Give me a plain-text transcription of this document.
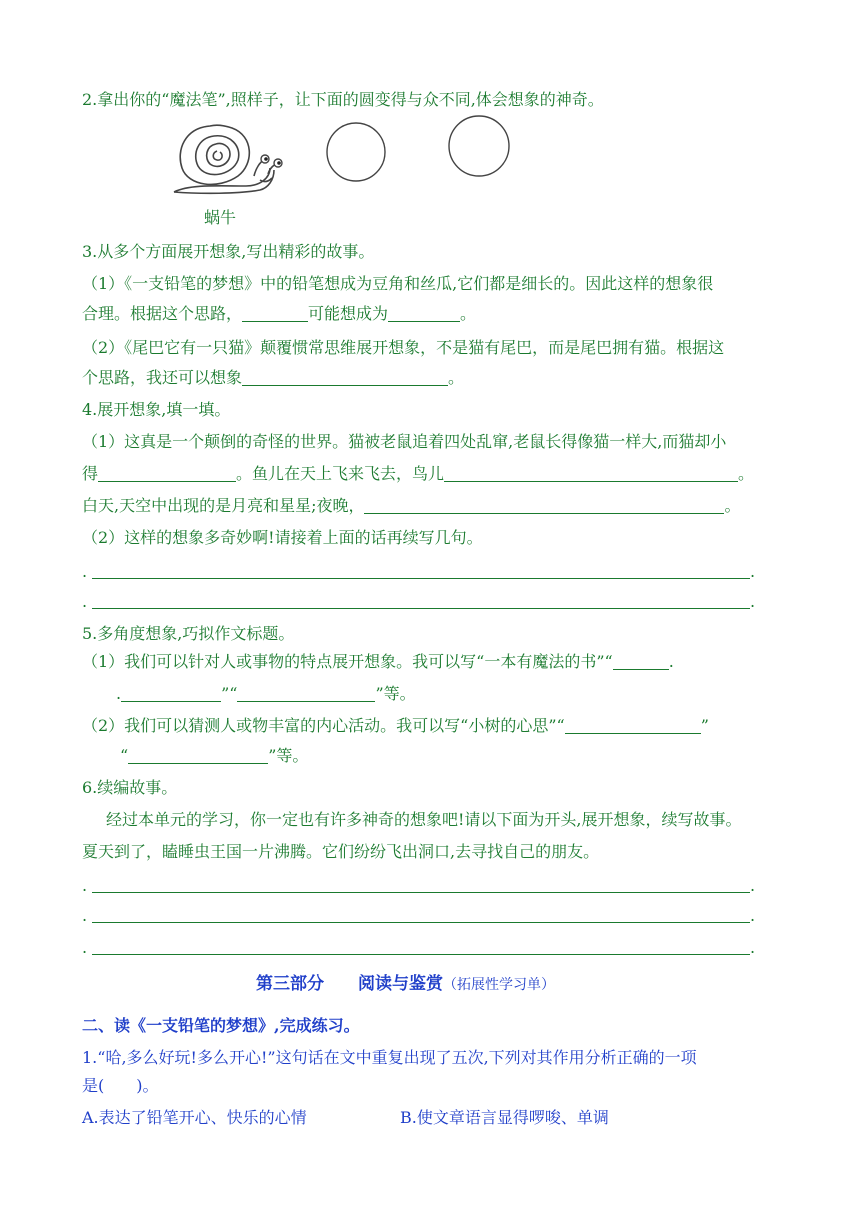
2.拿出你的“魔法笔”,照样子，让下面的圆变得与众不同,体会想象的神奇。
蜗牛
3.从多个方面展开想象,写出精彩的故事。
（1）《一支铅笔的梦想》中的铅笔想成为豆角和丝瓜,它们都是细长的。因此这样的想象很
合理。根据这个思路，	可能想成为	。
（2）《尾巴它有一只猫》颠覆惯常思维展开想象，不是猫有尾巴，而是尾巴拥有猫。根据这
个思路，我还可以想象	。
4.展开想象,填一填。
（1）这真是一个颠倒的奇怪的世界。猫被老鼠追着四处乱窜,老鼠长得像猫一样大,而猫却小
得	。鱼儿在天上飞来飞去，鸟儿	。
白天,天空中出现的是月亮和星星;夜晚，	。
（2）这样的想象多奇妙啊!请接着上面的话再续写几句。
.	.
.	.
5.多角度想象,巧拟作文标题。
（1）我们可以针对人或事物的特点展开想象。我可以写“一本有魔法的书”“	.
.	”“	”等。
（2）我们可以猜测人或物丰富的内心活动。我可以写“小树的心思”“	”
“	”等。
6.续编故事。
经过本单元的学习，你一定也有许多神奇的想象吧!请以下面为开头,展开想象，续写故事。
夏天到了，瞌睡虫王国一片沸腾。它们纷纷飞出洞口,去寻找自己的朋友。
.	.
.	.
.	.
第三部分　　阅读与鉴赏（拓展性学习单）
二、读《一支铅笔的梦想》,完成练习。
1.“哈,多么好玩!多么开心!”这句话在文中重复出现了五次,下列对其作用分析正确的一项
是(　　)。
A.表达了铅笔开心、快乐的心情	B.使文章语言显得啰唆、单调
